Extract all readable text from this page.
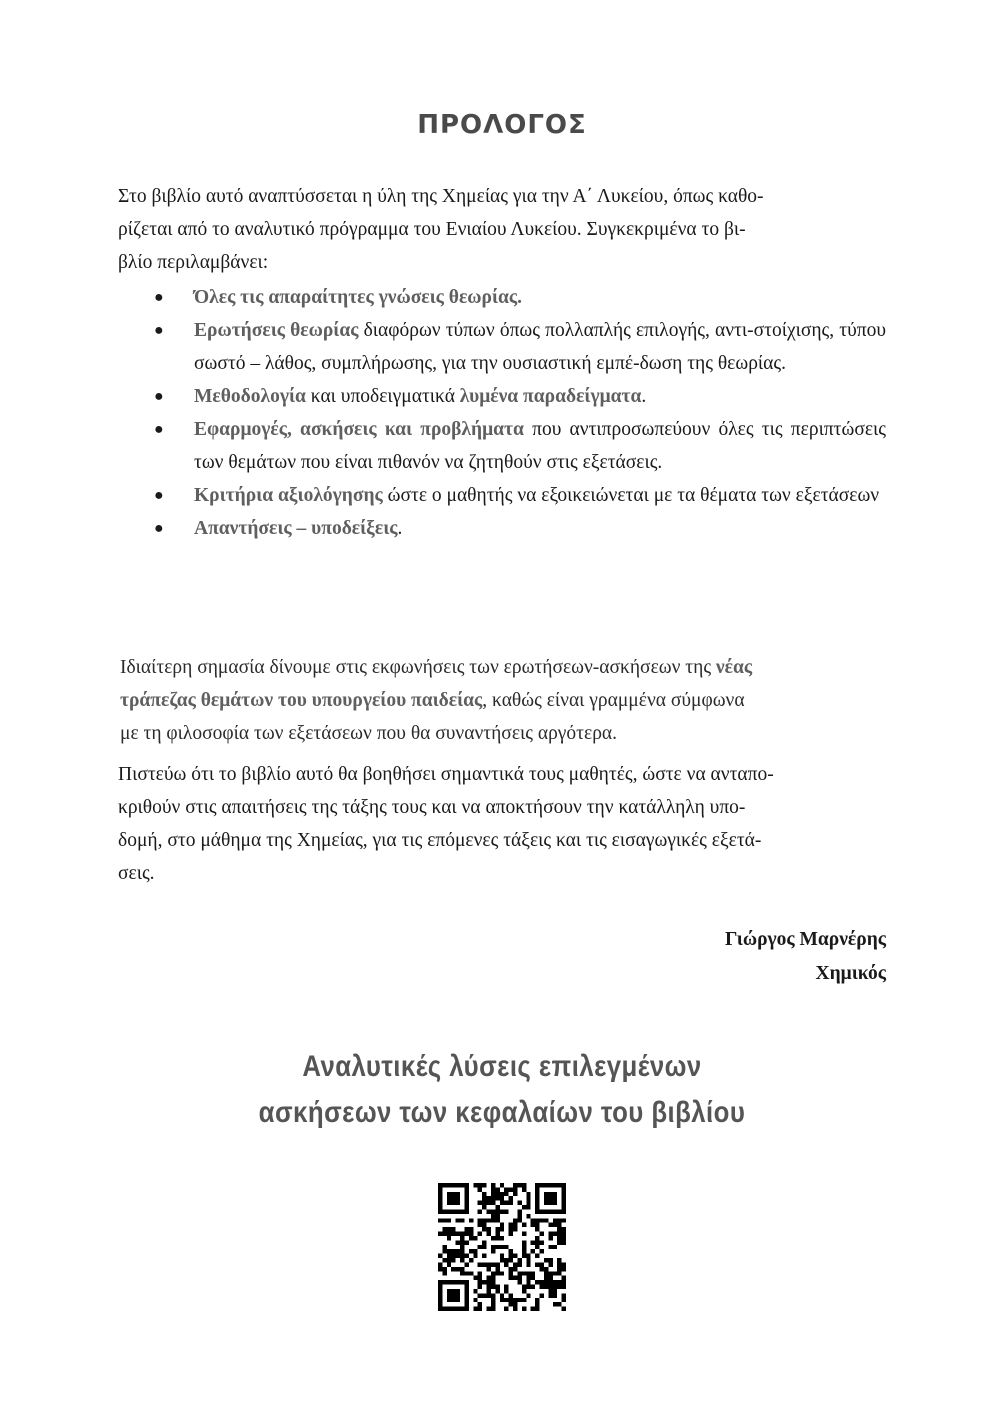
ΠΡΟΛΟΓΟΣ
Στο βιβλίο αυτό αναπτύσσεται η ύλη της Χημείας για την Α΄ Λυκείου, όπως καθο-
ρίζεται από το αναλυτικό πρόγραμμα του Ενιαίου Λυκείου. Συγκεκριμένα το βι-
βλίο περιλαμβάνει:
● Όλες τις απαραίτητες γνώσεις θεωρίας.
● Ερωτήσεις θεωρίας διαφόρων τύπων όπως πολλαπλής επιλογής, αντι-στοίχισης, τύπου σωστό – λάθος, συμπλήρωσης, για την ουσιαστική εμπέ-δωση της θεωρίας.
● Μεθοδολογία και υποδειγματικά λυμένα παραδείγματα.
● Εφαρμογές, ασκήσεις και προβλήματα που αντιπροσωπεύουν όλες τις περιπτώσεις των θεμάτων που είναι πιθανόν να ζητηθούν στις εξετάσεις.
● Κριτήρια αξιολόγησης ώστε ο μαθητής να εξοικειώνεται με τα θέματα των εξετάσεων
● Απαντήσεις – υποδείξεις.
Ιδιαίτερη σημασία δίνουμε στις εκφωνήσεις των ερωτήσεων-ασκήσεων της νέας
τράπεζας θεμάτων του υπουργείου παιδείας, καθώς είναι γραμμένα σύμφωνα
με τη φιλοσοφία των εξετάσεων που θα συναντήσεις αργότερα.
Πιστεύω ότι το βιβλίο αυτό θα βοηθήσει σημαντικά τους μαθητές, ώστε να ανταπο-
κριθούν στις απαιτήσεις της τάξης τους και να αποκτήσουν την κατάλληλη υπο-
δομή, στο μάθημα της Χημείας, για τις επόμενες τάξεις και τις εισαγωγικές εξετά-
σεις.
Γιώργος Μαρνέρης
Χημικός
Αναλυτικές λύσεις επιλεγμένων
ασκήσεων των κεφαλαίων του βιβλίου
